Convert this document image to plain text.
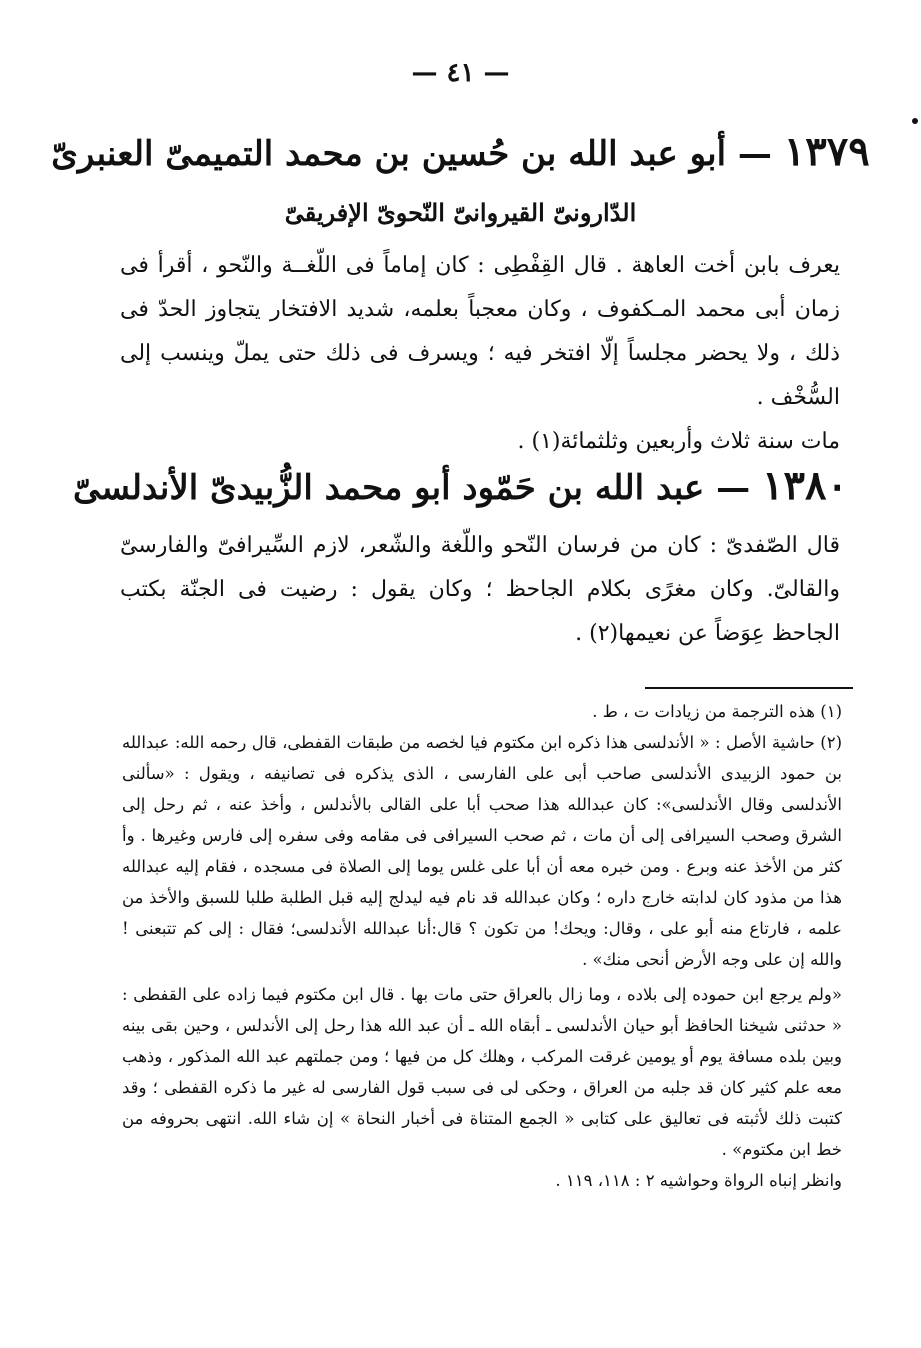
— ٤١ —
١٣٧٩ — أبو عبد الله بن حُسين بن محمد التميمىّ العنبرىّ
الدّارونىّ القيروانىّ النّحوىّ الإفريقىّ

يعرف بابن أخت العاهة . قال القِفْطِى : كان إماماً فى اللّغــة والنّحو ، أقرأ فى زمان أبى محمد المـكفوف ، وكان معجباً بعلمه، شديد الافتخار يتجاوز الحدّ فى ذلك ، ولا يحضر مجلساً إلّا افتخر فيه ؛ ويسرف فى ذلك حتى يملّ وينسب إلى السُّخْف .

مات سنة ثلاث وأربعين وثلثمائة(١) .

١٣٨٠ — عبد الله بن حَمّود أبو محمد الزُّبيدىّ الأندلسىّ

قال الصّفدىّ : كان من فرسان النّحو واللّغة والشّعر، لازم السِّيرافىّ والفارسىّ والقالىّ. وكان مغرًى بكلام الجاحظ ؛ وكان يقول : رضيت فى الجنّة بكتب الجاحظ عِوَضاً عن نعيمها(٢) .

(١) هذه الترجمة من زيادات ت ، ط .

(٢) حاشية الأصل : « الأندلسى هذا ذكره ابن مكتوم فيا لخصه من طبقات القفطى، قال رحمه الله: عبدالله بن حمود الزبيدى الأندلسى صاحب أبى على الفارسى ، الذى يذكره فى تصانيفه ، ويقول : «سألنى الأندلسى وقال الأندلسى»: كان عبدالله هذا صحب أبا على القالى بالأندلس ، وأخذ عنه ، ثم رحل إلى الشرق وصحب السيرافى إلى أن مات ، ثم صحب السيرافى فى مقامه وفى سفره إلى فارس وغيرها . وأ كثر من الأخذ عنه وبرع . ومن خبره معه أن أبا على غلس يوما إلى الصلاة فى مسجده ، فقام إليه عبدالله هذا من مذود كان لدابته خارج داره ؛ وكان عبدالله قد نام فيه ليدلج إليه قبل الطلبة طلبا للسبق والأخذ من علمه ، فارتاع منه أبو على ، وقال: ويحك! من تكون ؟ قال:أنا عبدالله الأندلسى؛ فقال : إلى كم تتبعنى ! والله إن على وجه الأرض أنحى منك» .

«ولم يرجع ابن حموده إلى بلاده ، وما زال بالعراق حتى مات بها . قال ابن مكتوم فيما زاده على القفطى : « حدثنى شيخنا الحافظ أبو حيان الأندلسى ـ أبقاه الله ـ أن عبد الله هذا رحل إلى الأندلس ، وحين بقى بينه وبين بلده مسافة يوم أو يومين غرقت المركب ، وهلك كل من فيها ؛ ومن جملتهم عبد الله المذكور ، وذهب معه علم كثير كان قد جلبه من العراق ، وحكى لى فى سبب قول الفارسى له غير ما ذكره القفطى ؛ وقد كتبت ذلك لأثبته فى تعاليق على كتابى « الجمع المتناة فى أخبار النحاة » إن شاء الله. انتهى بحروفه من خط ابن مكتوم» .

وانظر إنباه الرواة وحواشيه ٢ : ١١٨، ١١٩ .
